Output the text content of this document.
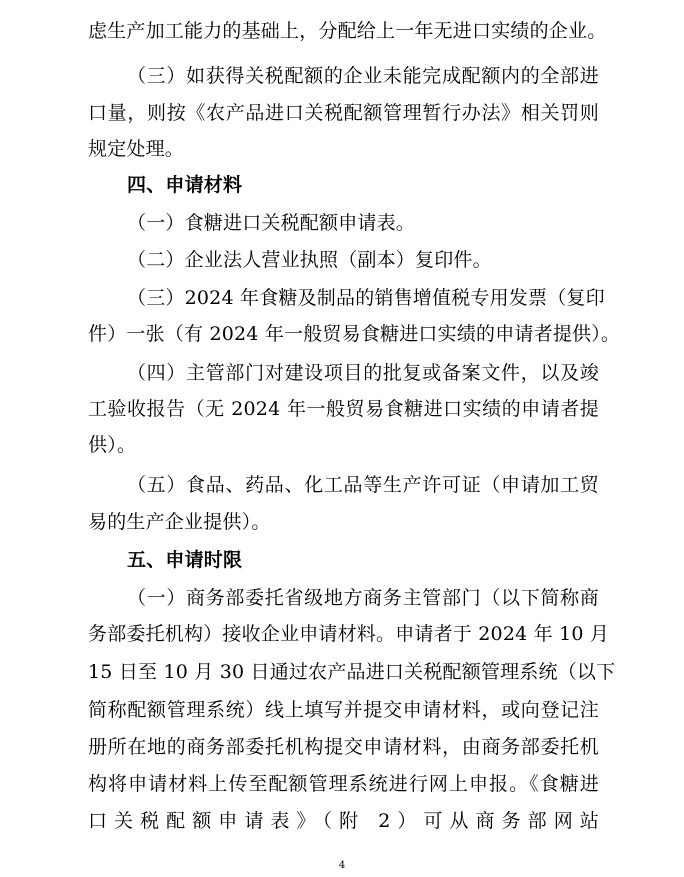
虑生产加工能力的基础上，分配给上一年无进口实绩的企业。
（三）如获得关税配额的企业未能完成配额内的全部进
口量，则按《农产品进口关税配额管理暂行办法》相关罚则
规定处理。
四、申请材料
（一）食糖进口关税配额申请表。
（二）企业法人营业执照（副本）复印件。
（三）2024 年食糖及制品的销售增值税专用发票（复印
件）一张（有 2024 年一般贸易食糖进口实绩的申请者提供）。
（四）主管部门对建设项目的批复或备案文件，以及竣
工验收报告（无 2024 年一般贸易食糖进口实绩的申请者提
供）。
（五）食品、药品、化工品等生产许可证（申请加工贸
易的生产企业提供）。
五、申请时限
（一）商务部委托省级地方商务主管部门（以下简称商
务部委托机构）接收企业申请材料。申请者于 2024 年 10 月
15 日至 10 月 30 日通过农产品进口关税配额管理系统（以下
简称配额管理系统）线上填写并提交申请材料，或向登记注
册所在地的商务部委托机构提交申请材料，由商务部委托机
构将申请材料上传至配额管理系统进行网上申报。《食糖进
口关税配额申请表》（附 2）可从商务部网站
4
